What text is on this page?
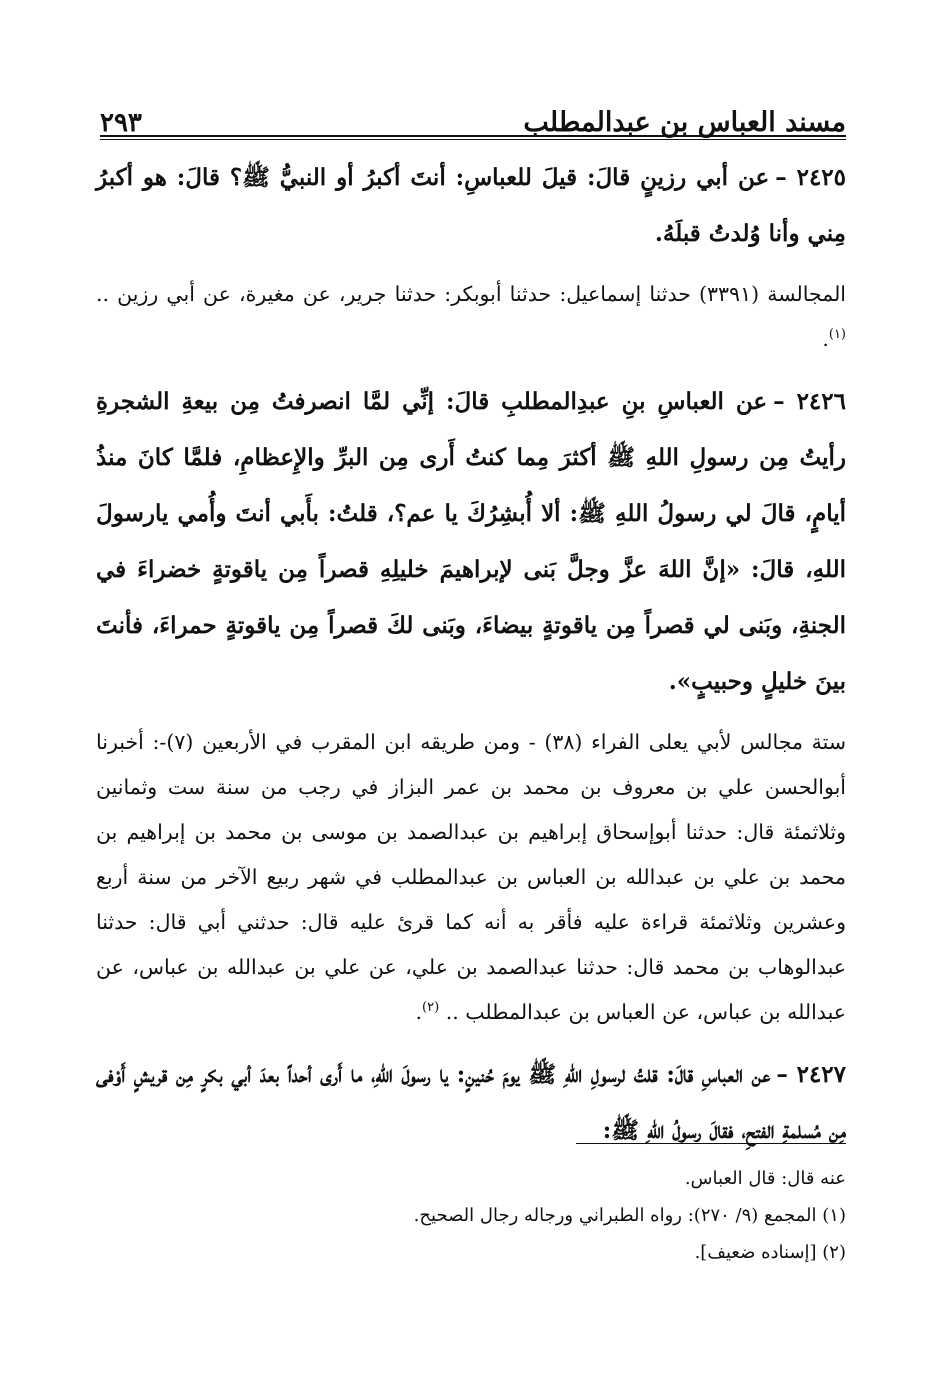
٢٩٣	مسند العباس بن عبدالمطلب

٢٤٢٥ –عن أبي رزينٍ قالَ: قيلَ للعباسِ: أنتَ أكبرُ أو النبيُّ ﷺ؟ قالَ: هو أكبرُ مِني وأنا وُلدتُ قبلَهُ.

المجالسة (٣٣٩١) حدثنا إسماعيل: حدثنا أبوبكر: حدثنا جرير، عن مغيرة، عن أبي رزين .. $^{(١)}$.

٢٤٢٦ –عن العباسِ بنِ عبدِالمطلبِ قالَ: إنِّي لمَّا انصرفتُ مِن بيعةِ الشجرةِ رأيتُ مِن رسولِ اللهِ ﷺ أكثرَ مِما كنتُ أَرى مِن البرِّ والإِعظامِ، فلمَّا كانَ منذُ أيامٍ، قالَ لي رسولُ اللهِ ﷺ: ألا أُبشِرُكَ يا عم؟، قلتُ: بأَبي أنتَ وأُمي يارسولَ اللهِ، قالَ: «إنَّ اللهَ عزَّ وجلَّ بَنى لإبراهيمَ خليلِهِ قصراً مِن ياقوتةٍ خضراءَ في الجنةِ، وبَنى لي قصراً مِن ياقوتةٍ بيضاءَ، وبَنى لكَ قصراً مِن ياقوتةٍ حمراءَ، فأنتَ بينَ خليلٍ وحبيبٍ».

ستة مجالس لأبي يعلى الفراء (٣٨) - ومن طريقه ابن المقرب في الأربعين (٧)-: أخبرنا أبوالحسن علي بن معروف بن محمد بن عمر البزاز في رجب من سنة ست وثمانين وثلاثمئة قال: حدثنا أبوإسحاق إبراهيم بن عبدالصمد بن موسى بن محمد بن إبراهيم بن محمد بن علي بن عبدالله بن العباس بن عبدالمطلب في شهر ربيع الآخر من سنة أربع وعشرين وثلاثمئة قراءة عليه فأقر به أنه كما قرئ عليه قال: حدثني أبي قال: حدثنا عبدالوهاب بن محمد قال: حدثنا عبدالصمد بن علي، عن علي بن عبدالله بن عباس، عن عبدالله بن عباس، عن العباس بن عبدالمطلب .. $^{(٢)}$.

٢٤٢٧ –عن العباسِ قالَ: قلتُ لرسولِ اللهِ ﷺ يومَ حُنينٍ: يا رسولَ اللهِ، ما أَرى أحداً بعدَ أبي بكرٍ مِن قريشٍ أَوْفى مِن مُسلمةِ الفتحِ، فقالَ رسولُ اللهِ ﷺ:

عنه قال: قال العباس.

(١) المجمع (٩/ ٢٧٠): رواه الطبراني ورجاله رجال الصحيح.

(٢) [إسناده ضعيف].
